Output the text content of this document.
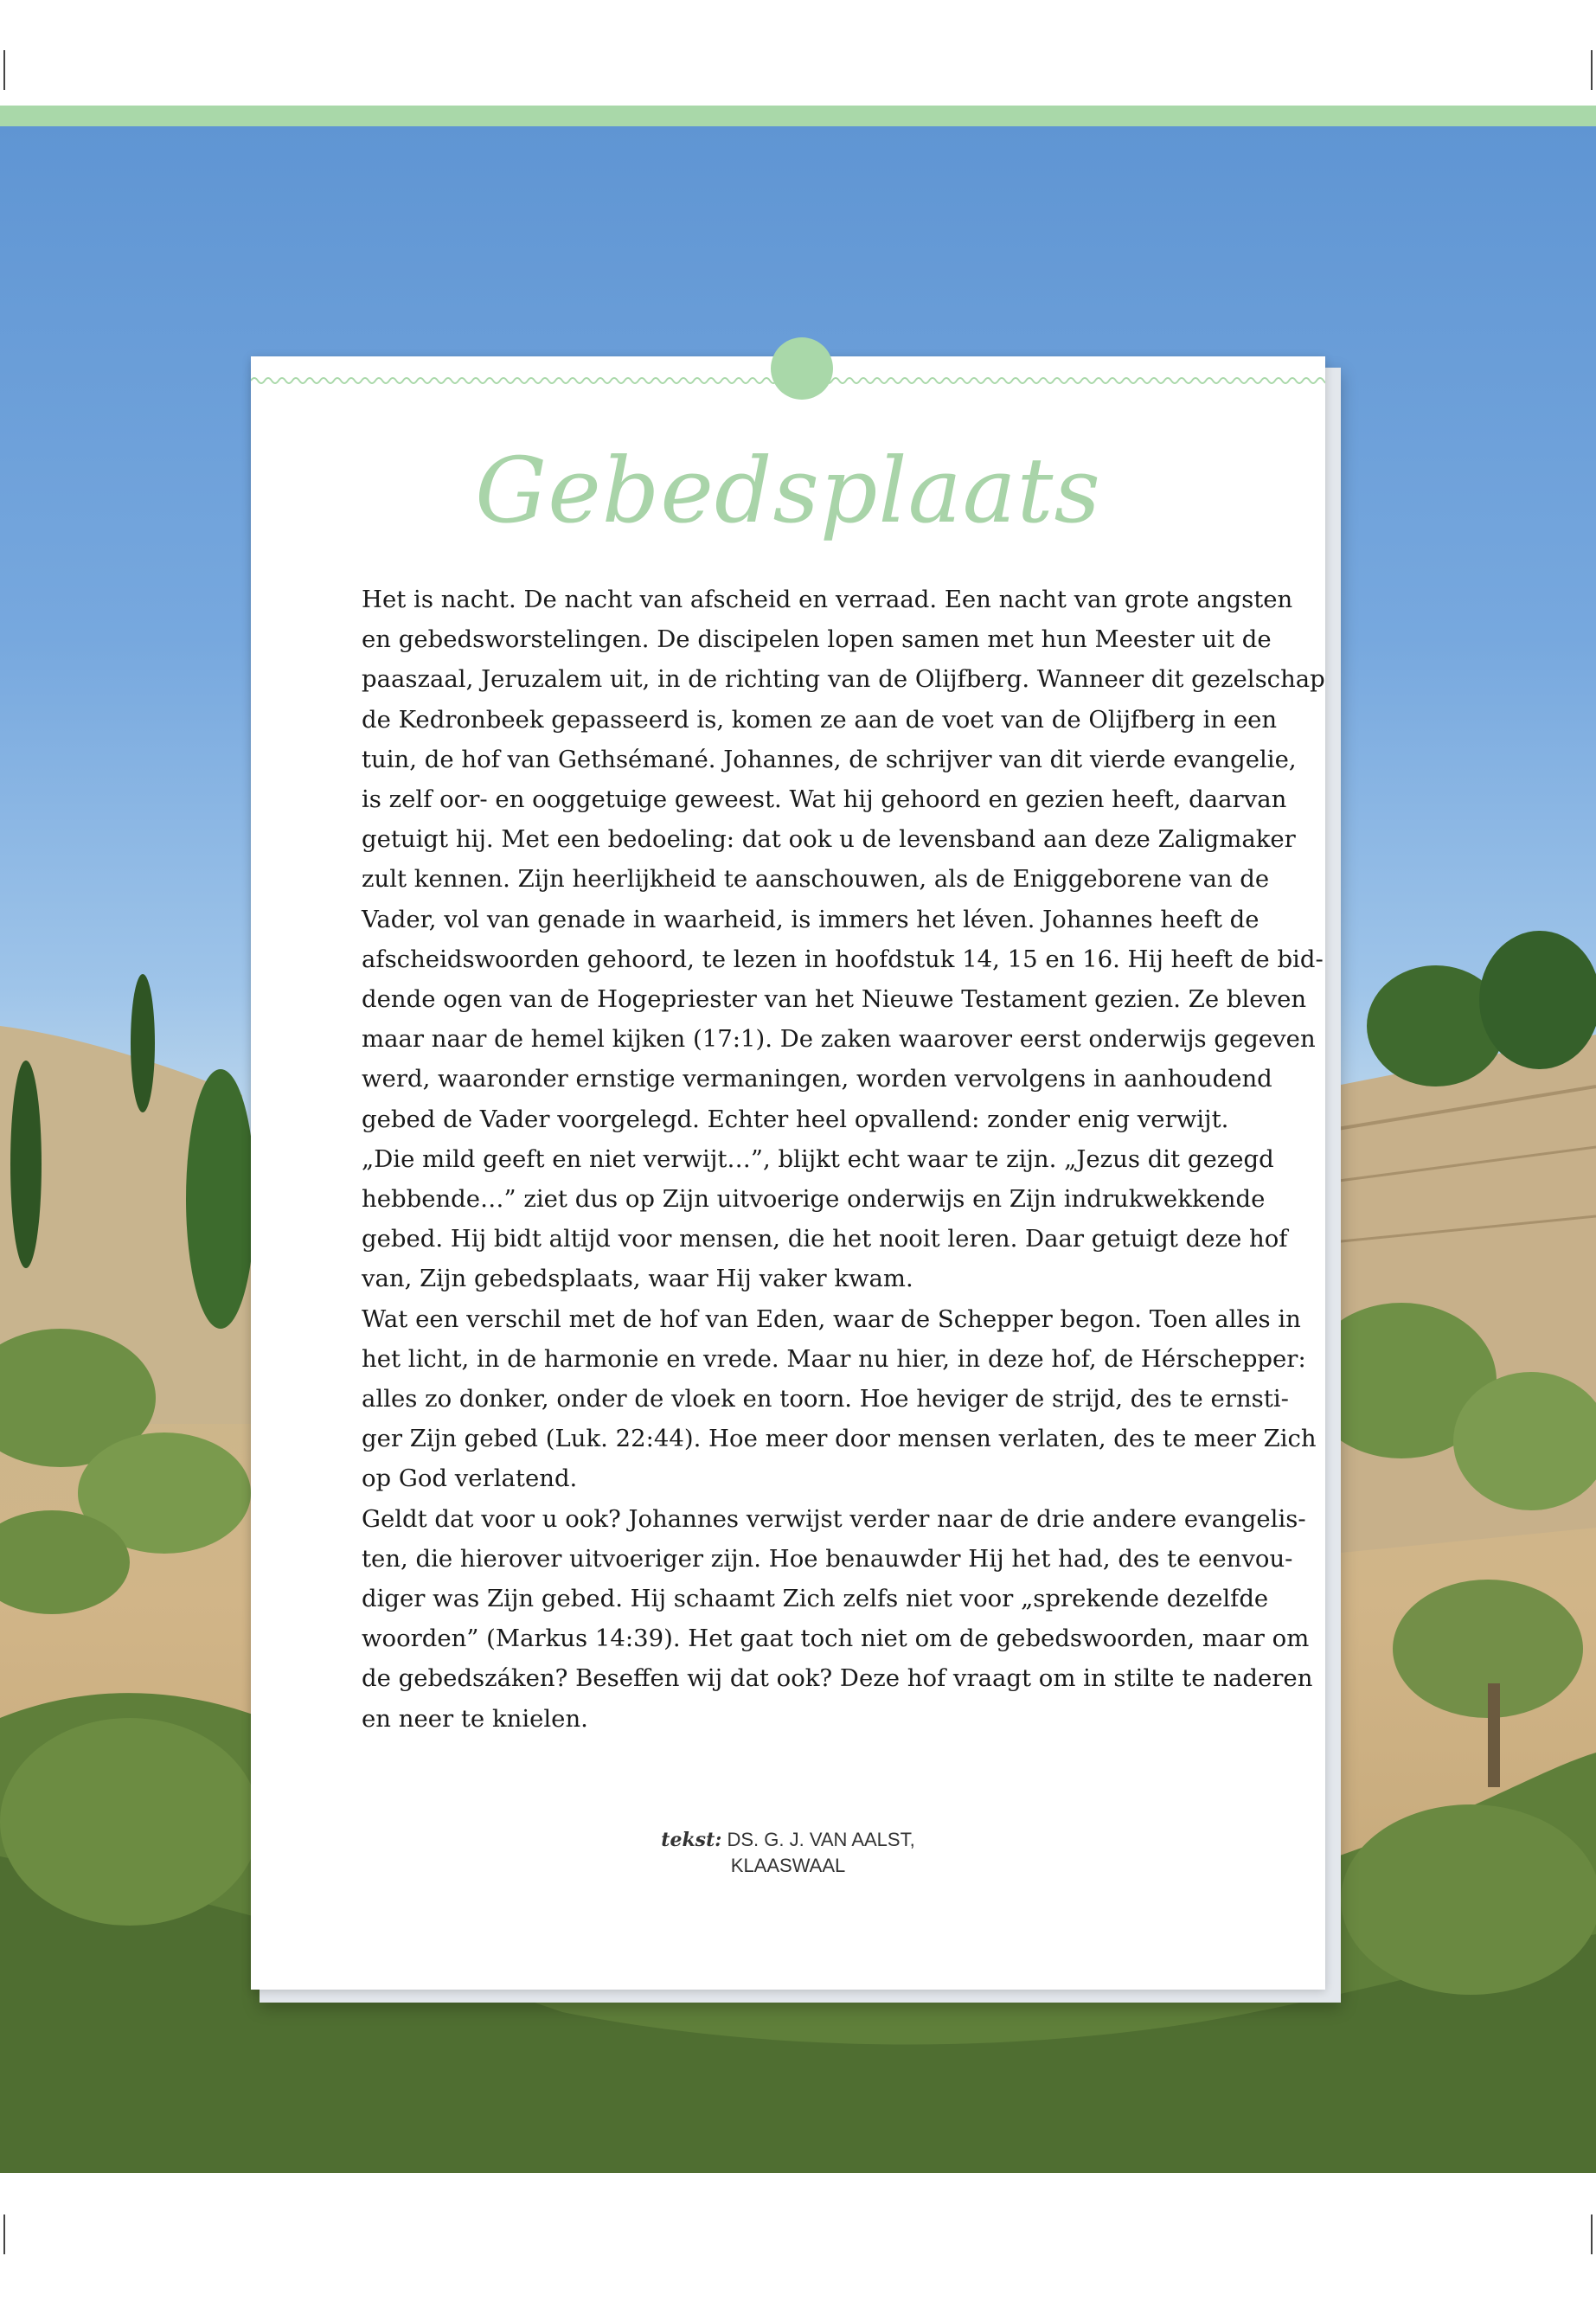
Gebedsplaats
Het is nacht. De nacht van afscheid en verraad. Een nacht van grote angsten
en gebedsworstelingen. De discipelen lopen samen met hun Meester uit de
paaszaal, Jeruzalem uit, in de richting van de Olijfberg. Wanneer dit gezelschap
de Kedronbeek gepasseerd is, komen ze aan de voet van de Olijfberg in een
tuin, de hof van Gethsémané. Johannes, de schrijver van dit vierde evangelie,
is zelf oor- en ooggetuige geweest. Wat hij gehoord en gezien heeft, daarvan
getuigt hij. Met een bedoeling: dat ook u de levensband aan deze Zaligmaker
zult kennen. Zijn heerlijkheid te aanschouwen, als de Eniggeborene van de
Vader, vol van genade in waarheid, is immers het léven. Johannes heeft de
afscheidswoorden gehoord, te lezen in hoofdstuk 14, 15 en 16. Hij heeft de bid-
dende ogen van de Hogepriester van het Nieuwe Testament gezien. Ze bleven
maar naar de hemel kijken (17:1). De zaken waarover eerst onderwijs gegeven
werd, waaronder ernstige vermaningen, worden vervolgens in aanhoudend
gebed de Vader voorgelegd. Echter heel opvallend: zonder enig verwijt.
„Die mild geeft en niet verwijt…”, blijkt echt waar te zijn. „Jezus dit gezegd
hebbende…” ziet dus op Zijn uitvoerige onderwijs en Zijn indrukwekkende
gebed. Hij bidt altijd voor mensen, die het nooit leren. Daar getuigt deze hof
van, Zijn gebedsplaats, waar Hij vaker kwam.
Wat een verschil met de hof van Eden, waar de Schepper begon. Toen alles in
het licht, in de harmonie en vrede. Maar nu hier, in deze hof, de Hérschepper:
alles zo donker, onder de vloek en toorn. Hoe heviger de strijd, des te ernsti-
ger Zijn gebed (Luk. 22:44). Hoe meer door mensen verlaten, des te meer Zich
op God verlatend.
Geldt dat voor u ook? Johannes verwijst verder naar de drie andere evangelis-
ten, die hierover uitvoeriger zijn. Hoe benauwder Hij het had, des te eenvou-
diger was Zijn gebed. Hij schaamt Zich zelfs niet voor „sprekende dezelfde
woorden” (Markus 14:39). Het gaat toch niet om de gebedswoorden, maar om
de gebedszáken? Beseffen wij dat ook? Deze hof vraagt om in stilte te naderen
en neer te knielen.
tekst: DS. G. J. VAN AALST,
KLAASWAAL
